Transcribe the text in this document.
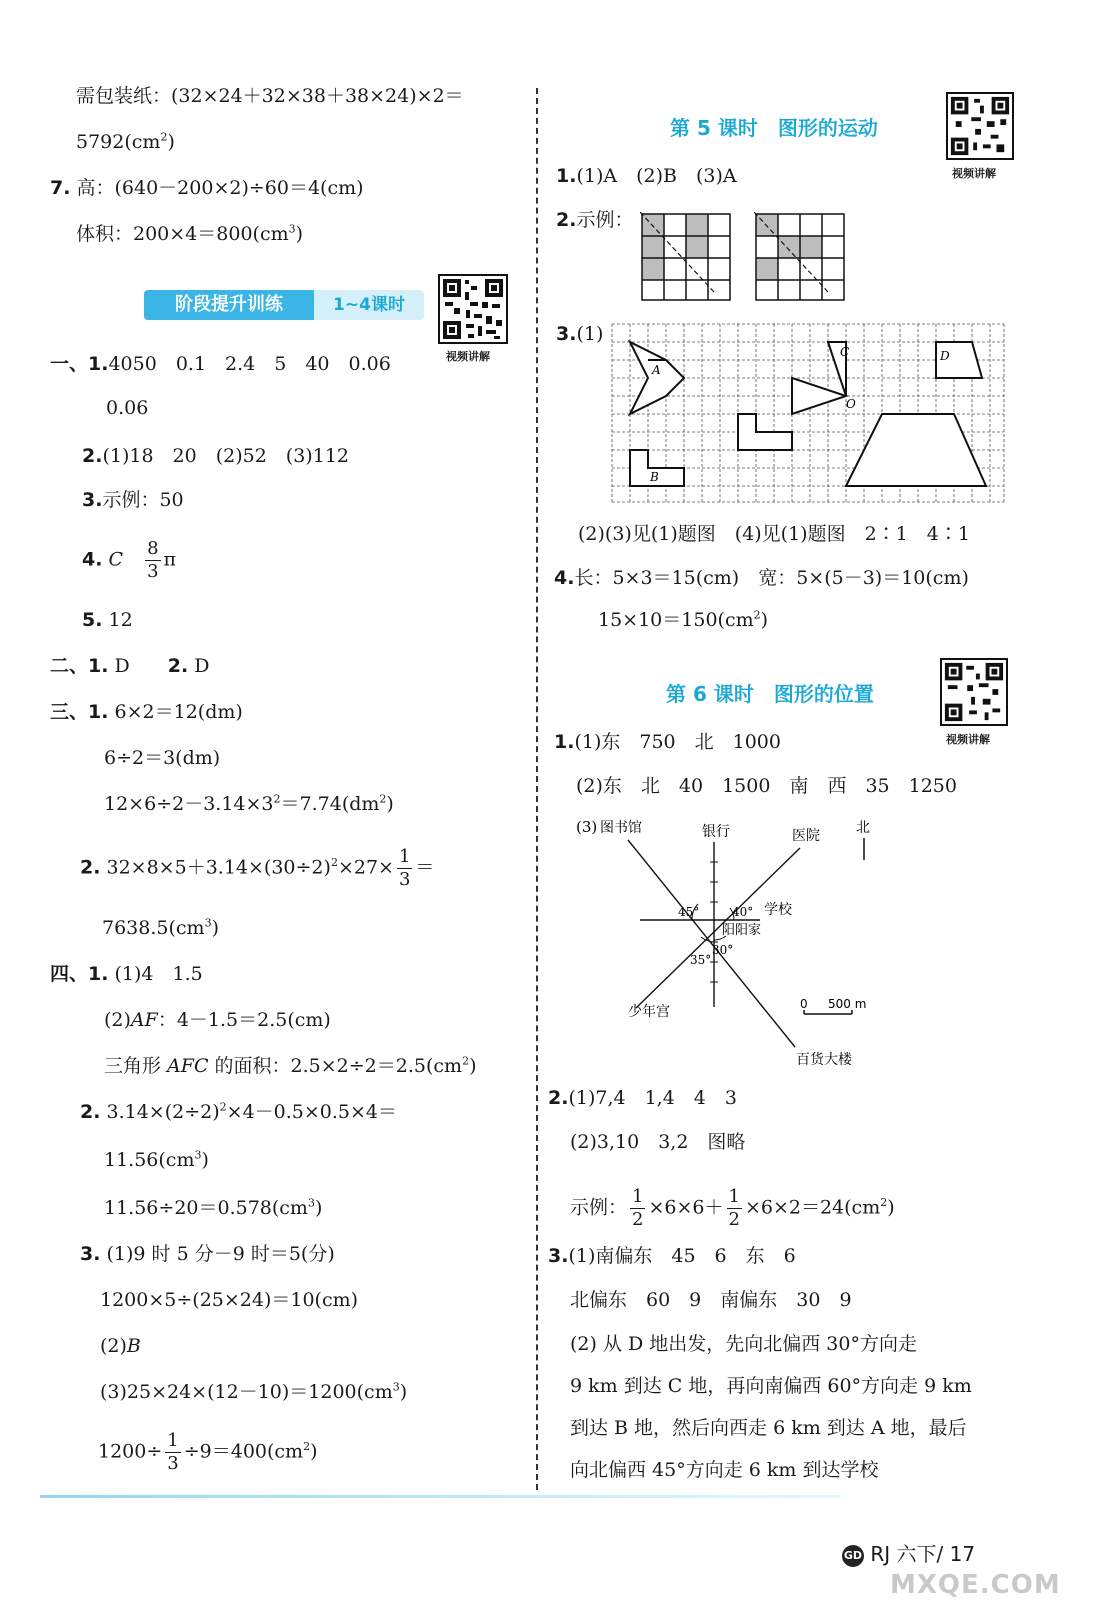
需包装纸：(32×24＋32×38＋38×24)×2＝
$5792(cm^2)$
7. 高：(640－200×2)÷60＝4(cm)
体积：$200\times 4=800(cm^3)$
阶段提升训练	1~4课时
视频讲解
一、1.4050　0.1　2.4　5　40　0.06
0.06
2.(1)18　20　(2)52　(3)112
3.示例：50
4. C　 $\frac{8}{3}$ π
5. 12
二、1. D　　 2. D
三、1. 6×2＝12(dm)
6÷2＝3(dm)
$12\times 6\div 2-3.14\times 3^2=7.74(dm^2)$
2. $32\times 8\times 5+3.14\times(30\div 2)^2\times 27\times \frac{1}{3}$ ＝
$7638.5(cm^3)$
四、1. (1)4　1.5
(2)AF：4－1.5＝2.5(cm)
三角形 AFC 的面积：$2.5\times 2\div 2=2.5(cm^2)$
2. $3.14\times(2\div 2)^2\times 4-0.5\times 0.5\times 4=$
$11.56(cm^3)$
$11.56\div 20=0.578(cm^3)$
3. (1)9 时 5 分－9 时＝5(分)
1200×5÷(25×24)＝10(cm)
(2)B
$(3)25\times 24\times(12-10)=1200(cm^3)$
$1200\div \frac{1}{3} \div 9=400(cm^2)$
第 5 课时　图形的运动
视频讲解
1.(1)A　(2)B　(3)A
2.示例：
3.(1)
A
C	D
O
B
(2)(3)见(1)题图　(4)见(1)题图　2∶1　4∶1
4.长：5×3＝15(cm)　宽：5×(5－3)＝10(cm)
$15\times 10=150(cm^2)$
第 6 课时　图形的位置
视频讲解
1.(1)东　750　北　1000
(2)东　北　40　1500　南　西　35　1250
(3) 图书馆	银行	医院	北
45°	40°
30°
35°
学校
阳阳家
少年宫
百货大楼
0 500 m
2.(1)7,4　1,4　4　3
(2)3,10　3,2　图略
示例： $\frac{1}{2} \times 6\times 6+ \frac{1}{2} \times 6\times 2=24(cm^2)$
3.(1)南偏东　45　6　东　6
北偏东　60　9　南偏东　30　9
(2) 从 D 地出发，先向北偏西 30°方向走
9 km 到达 C 地，再向南偏西 60°方向走 9 km
到达 B 地，然后向西走 6 km 到达 A 地，最后
向北偏西 45°方向走 6 km 到达学校
GD RJ 六下/ 17
MXQE.COM
